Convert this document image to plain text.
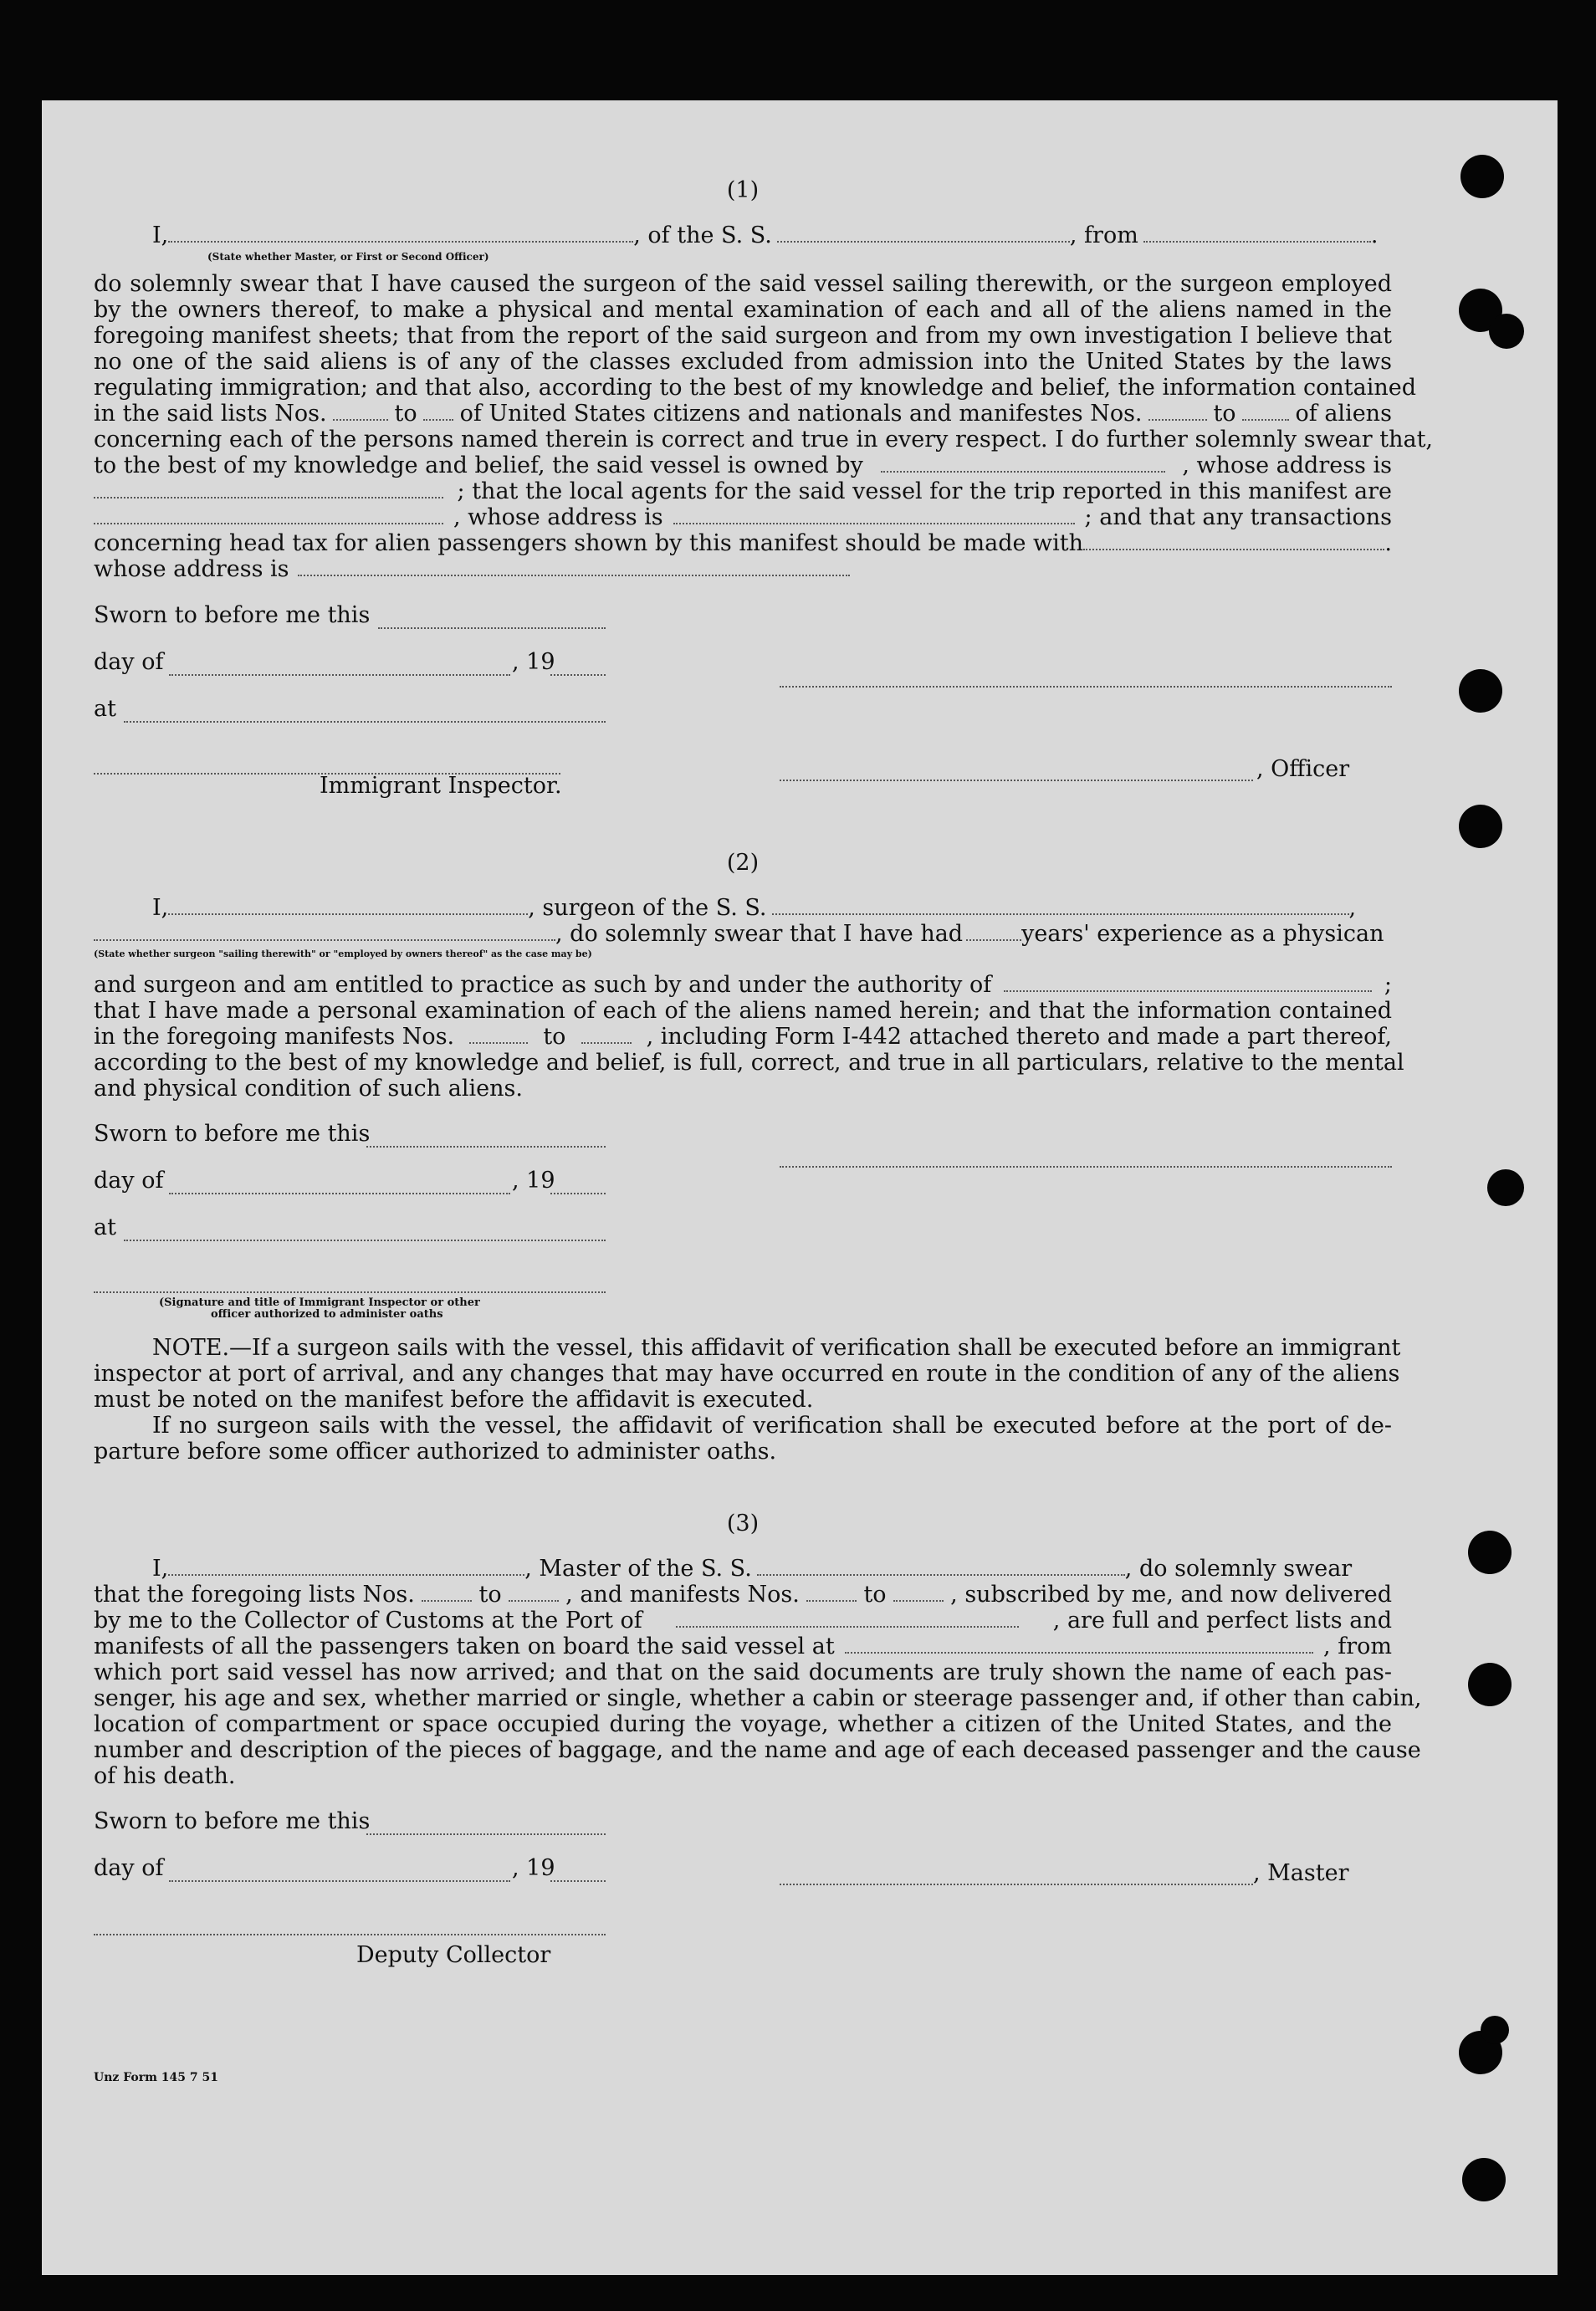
(1)
I,	, of the S. S.	, from	.
(State whether Master, or First or Second Officer)
do solemnly swear that I have caused the surgeon of the said vessel sailing therewith, or the surgeon employed
by the owners thereof, to make a physical and mental examination of each and all of the aliens named in the
foregoing manifest sheets; that from the report of the said surgeon and from my own investigation I believe that
no one of the said aliens is of any of the classes excluded from admission into the United States by the laws
regulating immigration; and that also, according to the best of my knowledge and belief, the information contained
in the said lists Nos.	to of United States citizens and nationals and manifestes Nos.	to	of aliens
concerning each of the persons named therein is correct and true in every respect. I do further solemnly swear that,
to the best of my knowledge and belief, the said vessel is owned by	, whose address is
; that the local agents for the said vessel for the trip reported in this manifest are
, whose address is	; and that any transactions
concerning head tax for alien passengers shown by this manifest should be made with	.
whose address is
Sworn to before me this
day of	, 19
at
, Officer
Immigrant Inspector.
(2)
I,	, surgeon of the S. S.	,
, do solemnly swear that I have had	years' experience as a physican
(State whether surgeon "sailing therewith" or "employed by owners thereof" as the case may be)
and surgeon and am entitled to practice as such by and under the authority of	;
that I have made a personal examination of each of the aliens named herein; and that the information contained
in the foregoing manifests Nos.	to	, including Form I-442 attached thereto and made a part thereof,
according to the best of my knowledge and belief, is full, correct, and true in all particulars, relative to the mental
and physical condition of such aliens.
Sworn to before me this
day of	, 19
at
(Signature and title of Immigrant Inspector or other
officer authorized to administer oaths
NOTE.—If a surgeon sails with the vessel, this affidavit of verification shall be executed before an immigrant
inspector at port of arrival, and any changes that may have occurred en route in the condition of any of the aliens
must be noted on the manifest before the affidavit is executed.
If no surgeon sails with the vessel, the affidavit of verification shall be executed before at the port of de-
parture before some officer authorized to administer oaths.
(3)
I,	, Master of the S. S.	, do solemnly swear
that the foregoing lists Nos.	to	, and manifests Nos.	to	, subscribed by me, and now delivered
by me to the Collector of Customs at the Port of	, are full and perfect lists and
manifests of all the passengers taken on board the said vessel at	, from
which port said vessel has now arrived; and that on the said documents are truly shown the name of each pas-
senger, his age and sex, whether married or single, whether a cabin or steerage passenger and, if other than cabin,
location of compartment or space occupied during the voyage, whether a citizen of the United States, and the
number and description of the pieces of baggage, and the name and age of each deceased passenger and the cause
of his death.
Sworn to before me this
day of	, 19	, Master
Deputy Collector
Unz Form 145 7 51
